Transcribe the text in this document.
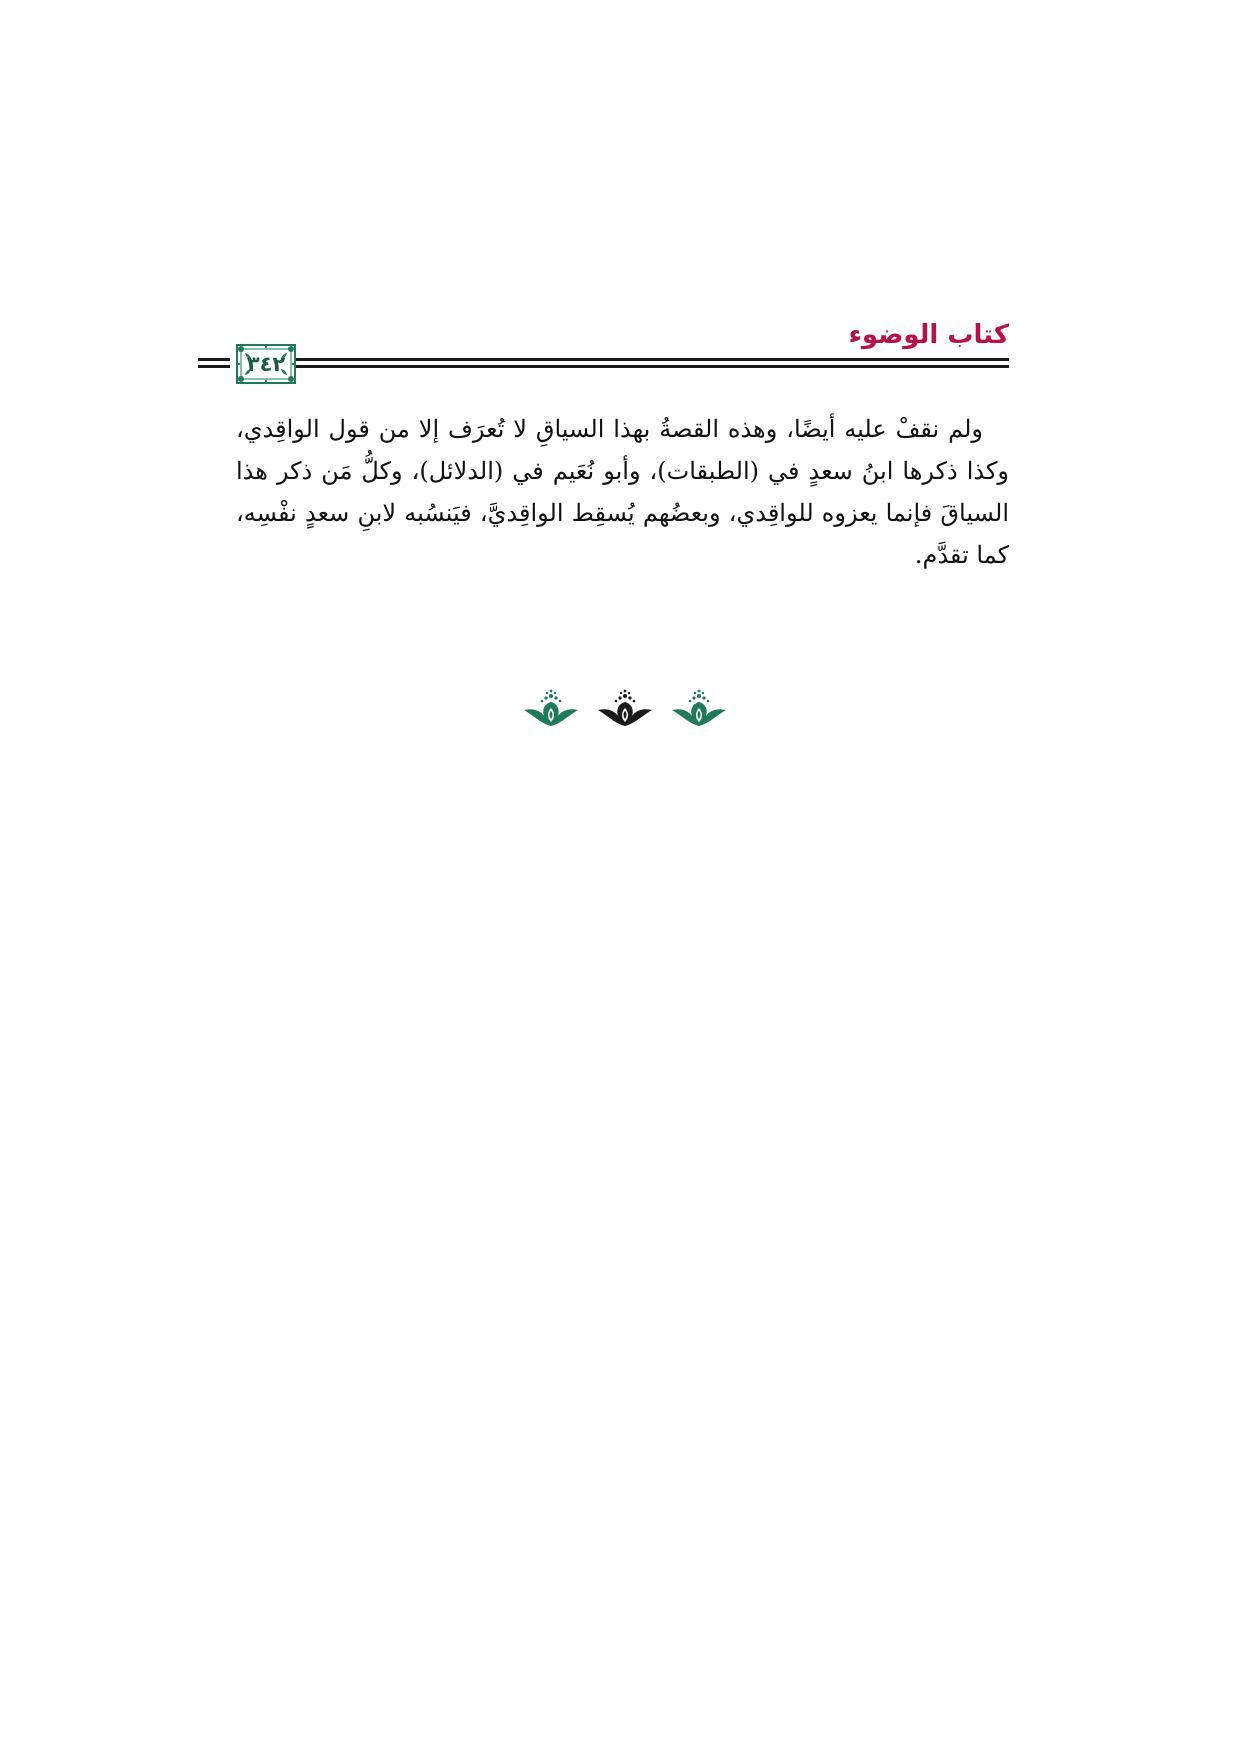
كتاب الوضوء
٣٤٢

ولم نقفْ عليه أيضًا، وهذه القصةُ بهذا السياقِ لا تُعرَف إلا من قول الواقِدي، وكذا ذكرها ابنُ سعدٍ في (الطبقات)، وأبو نُعَيم في (الدلائل)، وكلُّ مَن ذكر هذا السياقَ فإنما يعزوه للواقِدي، وبعضُهم يُسقِط الواقِديَّ، فيَنسُبه لابنِ سعدٍ نفْسِه، كما تقدَّم.
